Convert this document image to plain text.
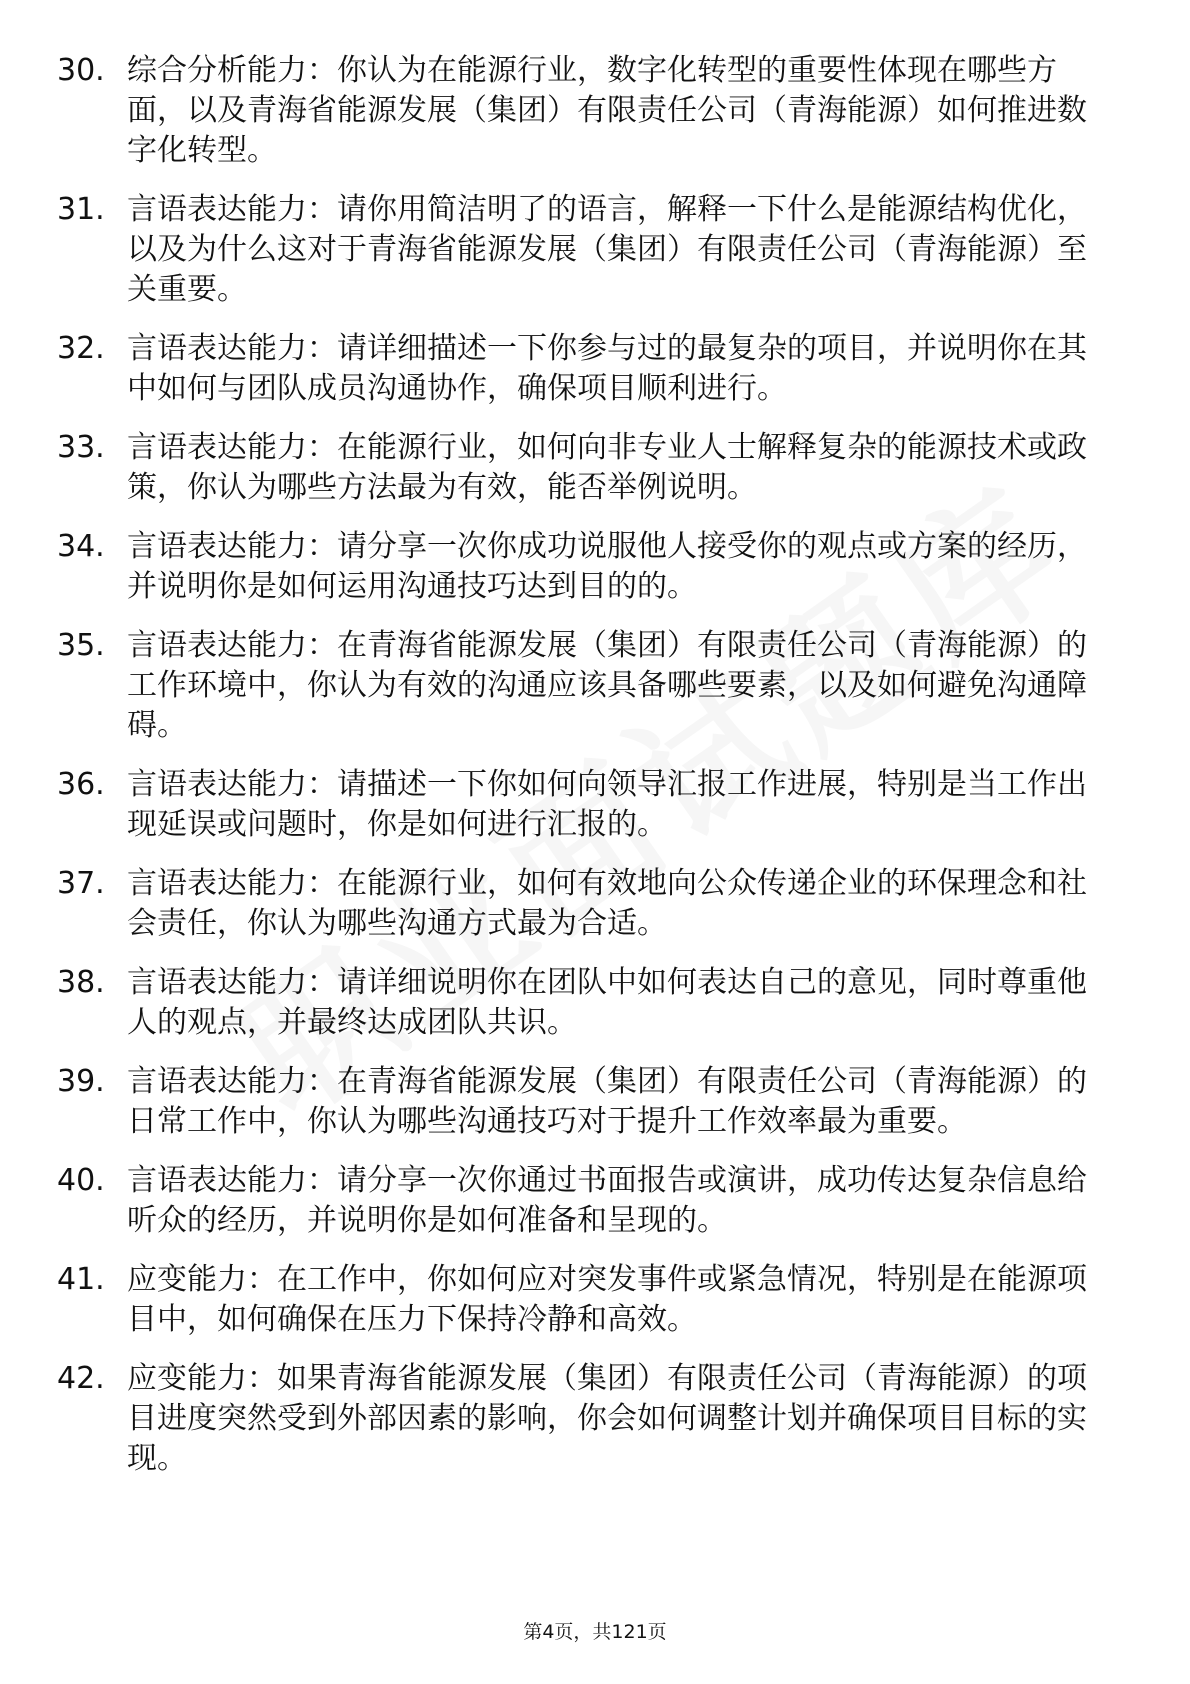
30. 综合分析能力：你认为在能源行业，数字化转型的重要性体现在哪些方面，以及青海省能源发展（集团）有限责任公司（青海能源）如何推进数字化转型。
31. 言语表达能力：请你用简洁明了的语言，解释一下什么是能源结构优化，以及为什么这对于青海省能源发展（集团）有限责任公司（青海能源）至关重要。
32. 言语表达能力：请详细描述一下你参与过的最复杂的项目，并说明你在其中如何与团队成员沟通协作，确保项目顺利进行。
33. 言语表达能力：在能源行业，如何向非专业人士解释复杂的能源技术或政策，你认为哪些方法最为有效，能否举例说明。
34. 言语表达能力：请分享一次你成功说服他人接受你的观点或方案的经历，并说明你是如何运用沟通技巧达到目的的。
35. 言语表达能力：在青海省能源发展（集团）有限责任公司（青海能源）的工作环境中，你认为有效的沟通应该具备哪些要素，以及如何避免沟通障碍。
36. 言语表达能力：请描述一下你如何向领导汇报工作进展，特别是当工作出现延误或问题时，你是如何进行汇报的。
37. 言语表达能力：在能源行业，如何有效地向公众传递企业的环保理念和社会责任，你认为哪些沟通方式最为合适。
38. 言语表达能力：请详细说明你在团队中如何表达自己的意见，同时尊重他人的观点，并最终达成团队共识。
39. 言语表达能力：在青海省能源发展（集团）有限责任公司（青海能源）的日常工作中，你认为哪些沟通技巧对于提升工作效率最为重要。
40. 言语表达能力：请分享一次你通过书面报告或演讲，成功传达复杂信息给听众的经历，并说明你是如何准备和呈现的。
41. 应变能力：在工作中，你如何应对突发事件或紧急情况，特别是在能源项目中，如何确保在压力下保持冷静和高效。
42. 应变能力：如果青海省能源发展（集团）有限责任公司（青海能源）的项目进度突然受到外部因素的影响，你会如何调整计划并确保项目目标的实现。
第4页，共121页
